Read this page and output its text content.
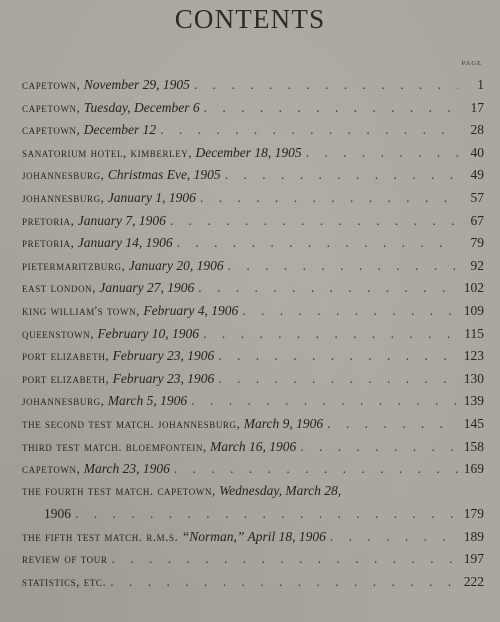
CONTENTS
PAGE
capetown, November 29, 1905 . . .	1
capetown, Tuesday, December 6 . . .	17
capetown, December 12 . . .	28
sanatorium hotel, kimberley, December 18, 1905 . . .	40
johannesburg, Christmas Eve, 1905 . . .	49
johannesburg, January 1, 1906 . . .	57
pretoria, January 7, 1906 . . .	67
pretoria, January 14, 1906 . . .	79
pietermaritzburg, January 20, 1906 . . .	92
east london, January 27, 1906 . . .	102
king william's town, February 4, 1906 . . .	109
queenstown, February 10, 1906 . . .	115
port elizabeth, February 23, 1906 . . .	123
port elizabeth, February 23, 1906 . . .	130
johannesburg, March 5, 1906 . . .	139
the second test match. johannesburg, March 9, 1906 . . .	145
third test match. bloemfontein, March 16, 1906 . . .	158
capetown, March 23, 1906 . . .	169
the fourth test match. capetown, Wednesday, March 28,
1906 . . .	179
the fifth test match. r.m.s. “Norman,” April 18, 1906 . . .	189
review of tour . . .	197
statistics, etc. . . .	222
